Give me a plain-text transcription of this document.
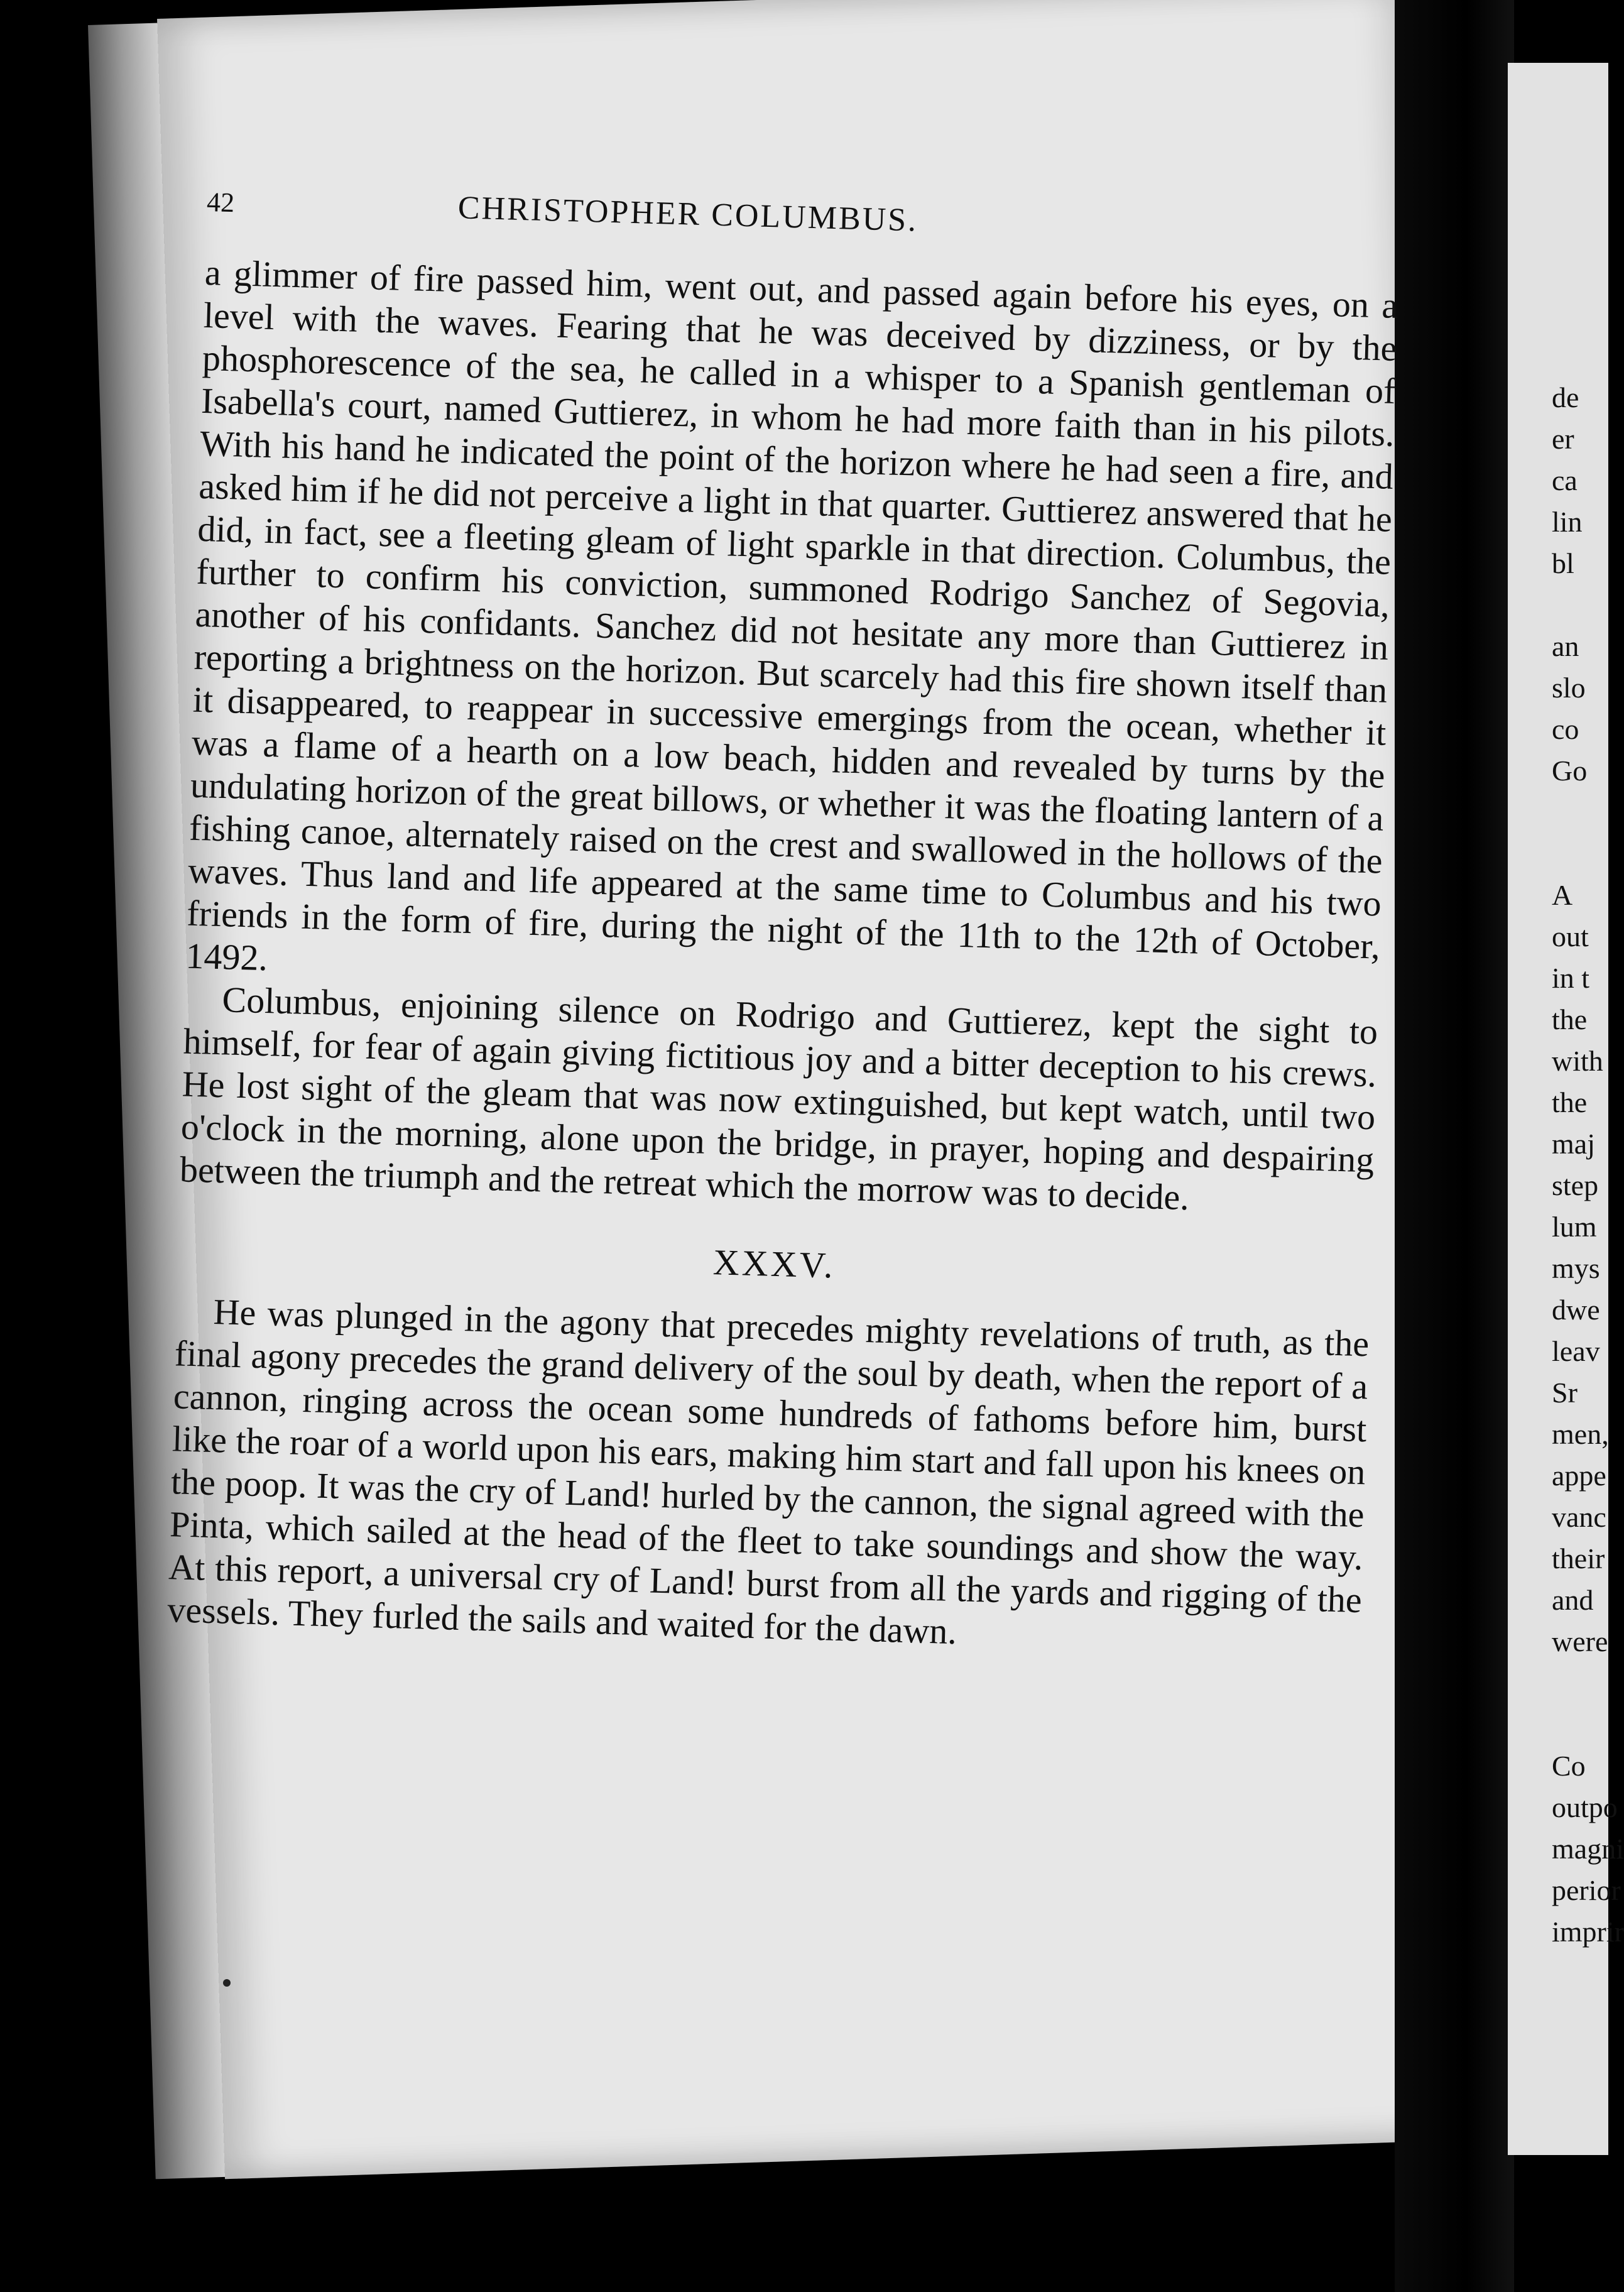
42	CHRISTOPHER COLUMBUS.

a glimmer of fire passed him, went out, and passed again before his eyes, on a level with the waves. Fearing that he was deceived by dizziness, or by the phosphorescence of the sea, he called in a whisper to a Spanish gentleman of Isabella's court, named Guttierez, in whom he had more faith than in his pilots. With his hand he indicated the point of the horizon where he had seen a fire, and asked him if he did not perceive a light in that quarter. Guttierez answered that he did, in fact, see a fleeting gleam of light sparkle in that direction. Columbus, the further to confirm his conviction, summoned Rodrigo Sanchez of Segovia, another of his confidants. Sanchez did not hesitate any more than Guttierez in reporting a brightness on the horizon. But scarcely had this fire shown itself than it disappeared, to reappear in successive emergings from the ocean, whether it was a flame of a hearth on a low beach, hidden and revealed by turns by the undulating horizon of the great billows, or whether it was the floating lantern of a fishing canoe, alternately raised on the crest and swallowed in the hollows of the waves. Thus land and life appeared at the same time to Columbus and his two friends in the form of fire, during the night of the 11th to the 12th of October, 1492.

Columbus, enjoining silence on Rodrigo and Guttierez, kept the sight to himself, for fear of again giving fictitious joy and a bitter deception to his crews. He lost sight of the gleam that was now extinguished, but kept watch, until two o'clock in the morning, alone upon the bridge, in prayer, hoping and despairing between the triumph and the retreat which the morrow was to decide.

XXXV.

He was plunged in the agony that precedes mighty revelations of truth, as the final agony precedes the grand delivery of the soul by death, when the report of a cannon, ringing across the ocean some hundreds of fathoms before him, burst like the roar of a world upon his ears, making him start and fall upon his knees on the poop. It was the cry of Land! hurled by the cannon, the signal agreed with the Pinta, which sailed at the head of the fleet to take soundings and show the way. At this report, a universal cry of Land! burst from all the yards and rigging of the vessels. They furled the sails and waited for the dawn.

de
er
ca
lin
bl
an
slo
co
Go
A
out
in t
the
with
the
maj
step
lum
mys
dwe
leav
Sr
men,
appe
vanc
their
and
were
Co
outpo
magni
perior
imprir
